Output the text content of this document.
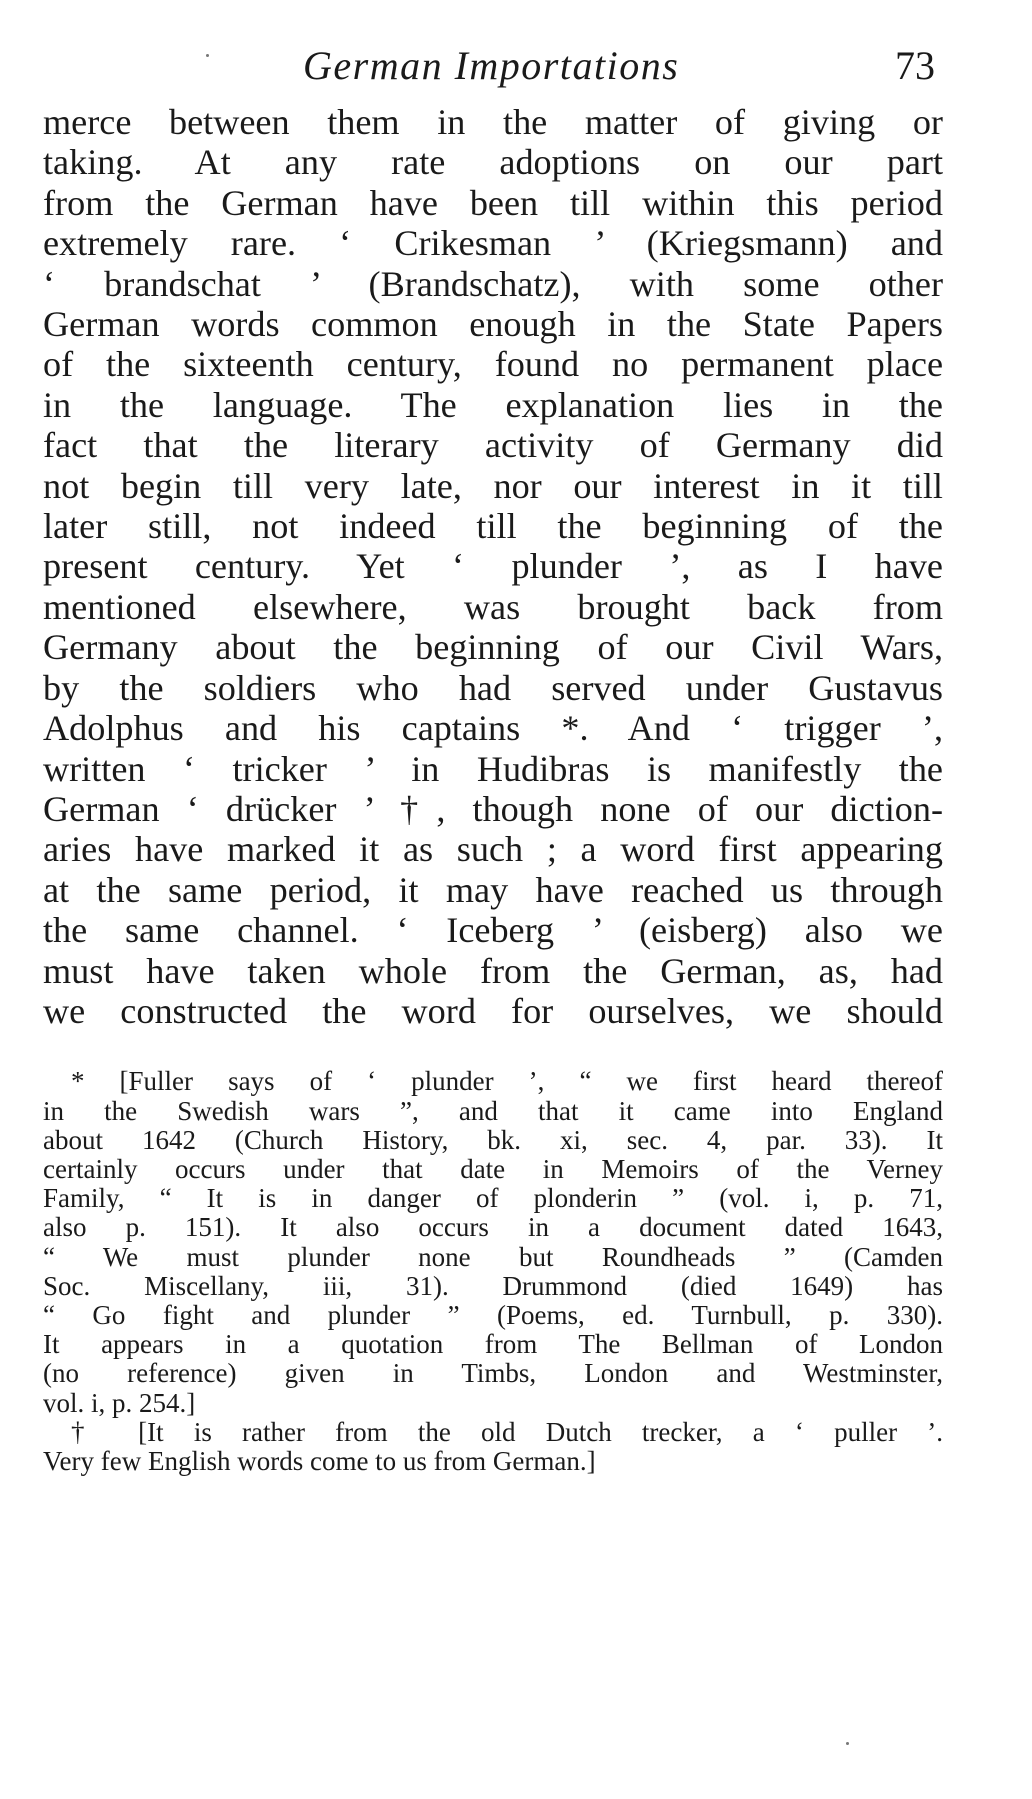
German Importations	73
merce between them in the matter of giving or
taking. At any rate adoptions on our part
from the German have been till within this period
extremely rare. ‘ Crikesman ’ (Kriegsmann) and
‘ brandschat ’ (Brandschatz), with some other
German words common enough in the State Papers
of the sixteenth century, found no permanent place
in the language. The explanation lies in the
fact that the literary activity of Germany did
not begin till very late, nor our interest in it till
later still, not indeed till the beginning of the
present century. Yet ‘ plunder ’, as I have
mentioned elsewhere, was brought back from
Germany about the beginning of our Civil Wars,
by the soldiers who had served under Gustavus
Adolphus and his captains *. And ‘ trigger ’,
written ‘ tricker ’ in Hudibras is manifestly the
German ‘ drücker ’ †, though none of our diction-
aries have marked it as such ; a word first appearing
at the same period, it may have reached us through
the same channel. ‘ Iceberg ’ (eisberg) also we
must have taken whole from the German, as, had
we constructed the word for ourselves, we should
* [Fuller says of ‘ plunder ’, “ we first heard thereof
in the Swedish wars ”, and that it came into England
about 1642 (Church History, bk. xi, sec. 4, par. 33). It
certainly occurs under that date in Memoirs of the Verney
Family, “ It is in danger of plonderin ” (vol. i, p. 71,
also p. 151). It also occurs in a document dated 1643,
“ We must plunder none but Roundheads ” (Camden
Soc. Miscellany, iii, 31). Drummond (died 1649) has
“ Go fight and plunder ” (Poems, ed. Turnbull, p. 330).
It appears in a quotation from The Bellman of London
(no reference) given in Timbs, London and Westminster,
vol. i, p. 254.]
† [It is rather from the old Dutch trecker, a ‘ puller ’.
Very few English words come to us from German.]
